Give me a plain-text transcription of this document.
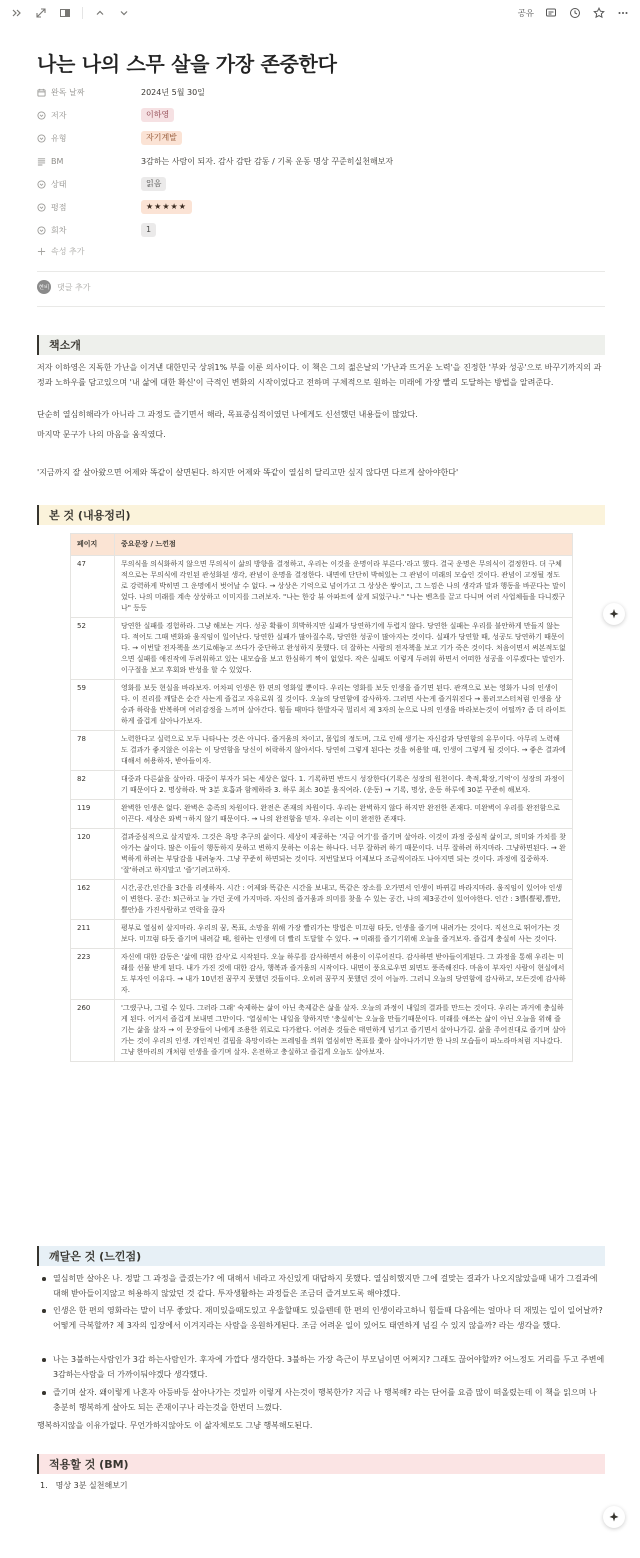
공유
나는 나의 스무 살을 가장 존중한다
완독 날짜	2024년 5월 30일
저자	이하영
유형	자기계발
BM	3감하는 사람이 되자. 감사 감탄 감동 / 기록 운동 명상 꾸준히실천해보자
상태	읽음
평점	★★★★★
회차	1
속성 추가
현비 댓글 추가
책소개

저자 이하영은 지독한 가난을 이겨낸 대한민국 상위1% 부를 이룬 의사이다. 이 책은 그의 젊은날의 '가난과 뜨거운 노력'을 진정한 '부와 성공'으로 바꾸기까지의 과정과 노하우를 담고있으며 '내 삶에 대한 확신'이 극적인 변화의 시작이었다고 전하며 구체적으로 원하는 미래에 가장 빨리 도달하는 방법을 알려준다.

단순히 열심히해라가 아니라 그 과정도 즐기면서 해라, 목표중심적이였던 나에게도 신선했던 내용들이 많았다.

마지막 문구가 나의 마음을 움직였다.

'지금까지 잘 살아왔으면 어제와 똑같이 살면된다. 하지만 어제와 똑같이 열심히 달리고만 싶지 않다면 다르게 살아야한다'

본 것 (내용정리)
페이지	중요문장 / 느낀점
47	무의식을 의식화하지 않으면 무의식이 삶의 방향을 결정하고, 우리는 이것을 운명이라 부른다.'라고 했다. 결국 운명은 무의식이 결정한다. 더 구체적으로는 무의식에 각인된 관성화된 생각, 관념이 운명을 결정한다. 내면에 단단히 박혀있는 그 관념이 미래의 모습인 것이다. 관념이 고정될 정도로 강력하게 박히면 그 운명에서 벗어날 수 없다. → 상상은 기억으로 넘어가고 그 상상은 쌓이고, 그 느낌은 나의 생각과 말과 행동을 바꾼다는 말이었다. 나의 미래를 계속 상상하고 이미지를 그려보자. "나는 한강 뷰 아파트에 살게 되었구나." "나는 벤츠를 끌고 다니며 여러 사업체들을 다니겠구나" 등등
52	당연한 실패를 경험하라. 그냥 해보는 거다. 성공 확률이 희박하지만 실패가 당연하기에 두렵지 않다. 당연한 실패는 우리를 불안하게 만들지 않는다. 적어도 그때 변화와 움직임이 일어난다. 당연한 실패가 많아질수록, 당연한 성공이 많아지는 것이다. 실패가 당연할 때, 성공도 당연하기 때문이다. → 이번달 전자책을 쓰기로해놓고 쓰다가 중단하고 완성하지 못했다. 더 잘하는 사람의 전자책을 보고 기가 죽은 것이다. 처음이면서 써본적도없으면 실패를 애진작에 두려워하고 있는 내모습을 보고 한심하기 짝이 없었다. 작은 실패도 이렇게 두려워 하면서 어떠한 성공을 이루겠다는 말인가. 이구절을 보고 후회와 반성을 할 수 있었다.
59	영화를 보듯 현실을 바라보자. 어차피 인생은 한 편의 영화일 뿐이다. 우리는 영화를 보듯 인생을 즐기면 된다. 관객으로 보는 영화가 나의 인생이다. 이 진리를 깨달은 순간 사는게 즐겁고 자유로워 질 것이다. 오늘의 당연함에 감사하자. 그러면 사는게 즐거워진다 → 롤러코스터처럼 인생을 상승과 하락을 반복하며 여러감정을 느끼며 살아간다. 힘들 때마다 한발자국 멀리서 제 3자의 눈으로 나의 인생을 바라보는것이 어떨까? 좀 더 라이트하게 즐겁게 살아나가보자.
78	노력한다고 실력으로 모두 나타나는 것은 아니다. 즐거움의 차이고, 몰입의 정도며, 그로 인해 생기는 자신감과 당연함의 유무이다. 아무리 노력해도 결과가 좋지않은 이유는 이 당연함을 당신이 허락하지 않아서다. 당연히 그렇게 된다는 것을 허용할 때, 인생이 그렇게 될 것이다. → 좋은 결과에 대해서 허용하자, 받아들이자.
82	대중과 다른삶을 살아라. 대중이 부자가 되는 세상은 없다. 1. 기록하면 반드시 성장한다(기록은 성장의 원천이다. 축적,확장,기억'이 성장의 과정이기 때문이다 2. 명상하라. 딱 3분 호흡과 함께하라 3. 하루 최소 30분 움직여라. (운동) → 기록, 명상, 운동 하루에 30분 꾸준히 해보자.
119	완벽한 인생은 없다. 완벽은 총족의 차원이다. 완전은 존재의 차원이다. 우리는 완벽하지 않다 하지만 완전한 존재다. 미완벽이 우리를 완전함으로 이끈다. 세상은 와벽ㄱ하지 않기 때문이다. → 나의 완전함을 믿자. 우리는 이미 완전한 존재다.
120	결과중심적으로 살지말자. 그것은 욕망 추구의 삶이다. 세상이 제공하는 '지금 여기'를 즐기며 살아라. 이것이 과정 중심적 삶이고, 의미와 가치를 찾아가는 삶이다. 많은 이들이 행동하지 못하고 변하지 못하는 이유는 하나다. 너무 잘하려 하기 때문이다. 너무 잘하려 하지마라. 그냥하면된다. → 완벽하게 하려는 부담감을 내려놓자. 그냥 꾸준히 하면되는 것이다. 저번달보다 어제보다 조금씩이라도 나아지면 되는 것이다. 과정에 집중하자. '잘'하려고 하지말고 '즐'기려고하자.
162	시간,공간,인간을 3간을 리셋하자. 시간 : 어제와 똑같은 시간을 보내고, 똑같은 장소를 오가면서 인생이 바뀌길 바라지마라. 움직임이 있어야 인생이 변한다. 공간: 퇴근하고 늘 가던 곳에 가지마라. 자신의 즐거움과 의미를 찾을 수 있는 공간, 나의 제3공간이 있어야한다. 인간 : 3쁠(쁠평,쁠만,쁠안)을 가진사람하고 연락을 끊자
211	평부로 열심히 살지마라. 우리의 꿈, 목표, 소망을 위해 가장 빨리가는 방법은 미끄럼 타듯, 인생을 즐기며 내려가는 것이다. 직선으로 뛰어가는 것 보다. 미끄럼 타듯 즐기며 내려갈 때, 원하는 인생에 더 빨리 도달할 수 있다. → 미래를 즐기기위해 오늘을 즐겨보자. 즐겁게 충실히 사는 것이다.
223	자신에 대한 감동은 '삶에 대한 감사'로 시작된다. 오늘 하루를 감사하면서 허용이 이루어진다. 감사하면 받아들이게된다. 그 과정을 통해 우리는 미래를 선물 받게 된다. 내가 가진 것에 대한 감사, 행복과 즐거움의 시작이다. 내면이 풍요로우면 외면도 풍족해진다. 마음이 부자인 사람이 현실에서도 부자인 이유다. → 내가 10년전 꿈꾸지 못했던 것들이다. 오히려 꿈꾸지 못했던 것이 어늘까. 그러니 오늘의 당연함에 감사하고, 모든것에 감사하자.
260	'그랬구나, 그럴 수 있다. 그러라 그래' 숙제하는 삶이 아닌 축제같은 삶을 살자. 오늘의 과정이 내일의 결과를 만드는 것이다. 우리는 과거에 충실하게 된다. 어거서 즐겁게 보내면 그만이다. '열심히'는 내일을 향하지만 '충실히'는 오늘을 만들기때문이다. 미래를 애쓰는 삶이 아닌 오늘을 위해 즐기는 삶을 살자 → 이 문장들이 나에게 조용한 위로로 다가왔다. 어려운 것들은 태연하게 넘기고 즐기면서 살아나가길. 삶을 주어진대로 즐기며 살아가는 것이 우리의 인생. 개인적인 결핍을 욕망이라는 프레임을 씌워 열심히만 목표를 쫓아 살아나가기만 한 나의 모습들이 파노라마처럼 지나갔다. 그냥 한마리의 개처럼 인생을 즐기며 살자. 온전하고 충실하고 즐겁게 오늘도 살아보자.
깨달은 것 (느낀점)

열심히만 살아온 나. 정말 그 과정을 즐겼는가? 에 대해서 네라고 자신있게 대답하지 못했다. 열심히했지만 그에 걸맞는 결과가 나오지않았을때 내가 그걸과에 대해 받아들이지않고 허용하지 않았던 것 같다. 투자생활하는 과정들은 조금더 즐겨보도록 해야겠다.

인생은 한 편의 영화라는 말이 너무 좋았다. 재미있을때도있고 우울할때도 있을텐데 한 편의 인생이라고하니 힘들때 다음에는 얼마나 더 재밌는 일이 일어날까? 어떻게 극복할까? 제 3자의 입장에서 이겨지라는 사람을 응원하게된다. 조금 어려운 일이 있어도 태연하게 넘길 수 있지 않을까? 라는 생각을 했다.

나는 3불하는사람인가 3감 하는사람인가. 후자에 가깝다 생각한다. 3불하는 가장 측근이 부모님이면 어쩌지? 그래도 끊어야할까? 어느정도 거리를 두고 주변에 3감하는사람을 더 가까이둬야겠다 생각했다.

즐기며 살자. 왜이렇게 나혼자 아등바등 살아나가는 것일까 이렇게 사는것이 행복한가? 지금 나 행복해? 라는 단어를 요즘 많이 떠올렸는데 이 책을 읽으며 나 충분히 행복하게 살아도 되는 존재이구나 라는것을 한번더 느꼈다.

행복하지않을 이유가없다. 무언가하지않아도 이 삶자체로도 그냥 행복해도된다.

적용할 것 (BM)
1. 명상 3분 실천해보기
